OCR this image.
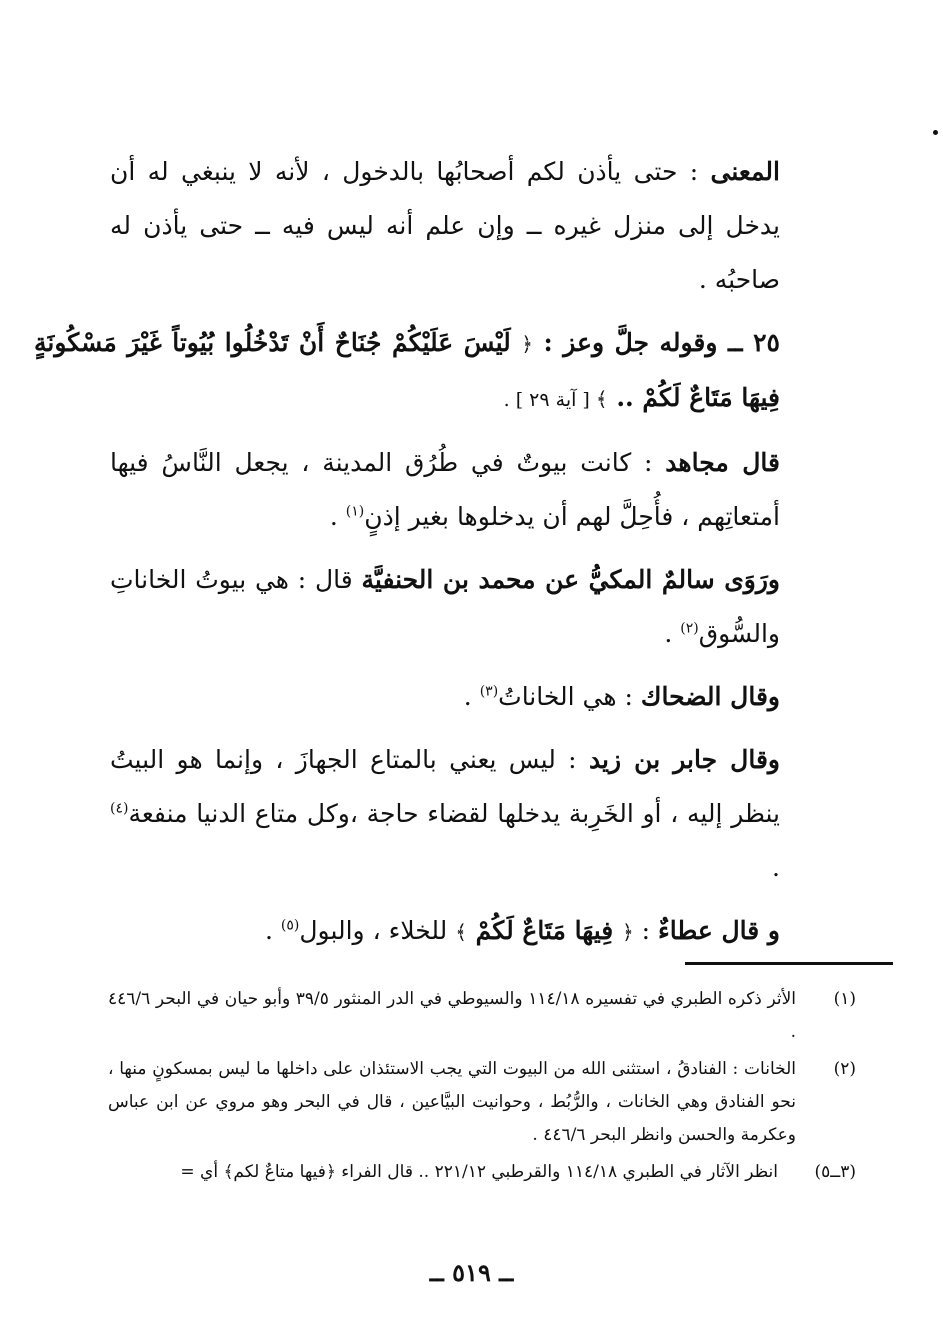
المعنى : حتى يأذن لكم أصحابُها بالدخول ، لأنه لا ينبغي له أن يدخل إلى منزل غيره ــ وإن علم أنه ليس فيه ــ حتى يأذن له صاحبُه .

٢٥ ــ وقوله جلَّ وعز : ﴿ لَيْسَ عَلَيْكُمْ جُنَاحٌ أَنْ تَدْخُلُوا بُيُوتاً غَيْرَ مَسْكُونَةٍ فِيهَا مَتَاعٌ لَكُمْ .. ﴾ [ آية ٢٩ ] .

قال مجاهد : كانت بيوتٌ في طُرُق المدينة ، يجعل النَّاسُ فيها أمتعاتِهم ، فأُحِلَّ لهم أن يدخلوها بغير إذنٍ$^{(١)}$ .

ورَوَى سالمٌ المكيُّ عن محمد بن الحنفيَّة قال : هي بيوتُ الخاناتِ والسُّوق$^{(٢)}$ .

وقال الضحاك : هي الخاناتُ$^{(٣)}$ .

وقال جابر بن زيد : ليس يعني بالمتاع الجهازَ ، وإنما هو البيتُ ينظر إليه ، أو الخَرِبة يدخلها لقضاء حاجة ،وكل متاع الدنيا منفعة$^{(٤)}$ .

و قال عطاءٌ : ﴿ فِيهَا مَتَاعٌ لَكُمْ ﴾ للخلاء ، والبول$^{(٥)}$ .

(١)
الأثر ذكره الطبري في تفسيره ١١٤/١٨ والسيوطي في الدر المنثور ٣٩/٥ وأبو حيان في البحر ٤٤٦/٦ .
(٢)
الخانات : الفنادقُ ، استثنى الله من البيوت التي يجب الاستئذان على داخلها ما ليس بمسكونٍ منها ، نحو الفنادق وهي الخانات ، والرُّبُط ، وحوانيت البيَّاعين ، قال في البحر وهو مروي عن ابن عباس وعكرمة والحسن وانظر البحر ٤٤٦/٦ .
(٣ــ٥)
انظر الآثار في الطبري ١١٤/١٨ والقرطبي ٢٢١/١٢ .. قال الفراء ﴿فيها متاعٌ لكم﴾ أي =
ــ ٥١٩ ــ
